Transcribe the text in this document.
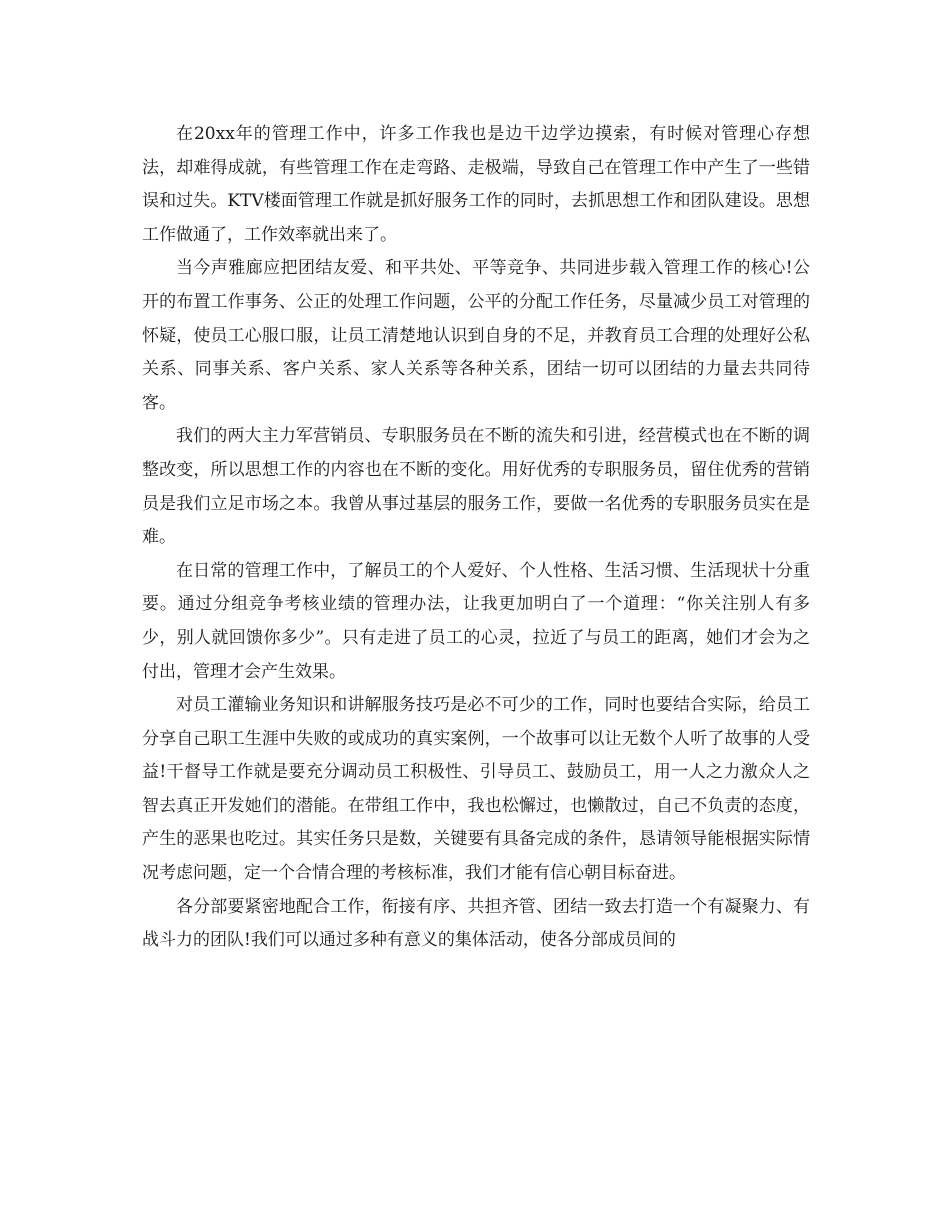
在20xx年的管理工作中，许多工作我也是边干边学边摸索，有时候对管理心存想法，却难得成就，有些管理工作在走弯路、走极端，导致自己在管理工作中产生了一些错误和过失。KTV楼面管理工作就是抓好服务工作的同时，去抓思想工作和团队建设。思想工作做通了，工作效率就出来了。

当今声雅廊应把团结友爱、和平共处、平等竞争、共同进步载入管理工作的核心!公开的布置工作事务、公正的处理工作问题，公平的分配工作任务，尽量减少员工对管理的怀疑，使员工心服口服，让员工清楚地认识到自身的不足，并教育员工合理的处理好公私关系、同事关系、客户关系、家人关系等各种关系，团结一切可以团结的力量去共同待客。

我们的两大主力军营销员、专职服务员在不断的流失和引进，经营模式也在不断的调整改变，所以思想工作的内容也在不断的变化。用好优秀的专职服务员，留住优秀的营销员是我们立足市场之本。我曾从事过基层的服务工作，要做一名优秀的专职服务员实在是难。

在日常的管理工作中，了解员工的个人爱好、个人性格、生活习惯、生活现状十分重要。通过分组竞争考核业绩的管理办法，让我更加明白了一个道理：“你关注别人有多少，别人就回馈你多少”。只有走进了员工的心灵，拉近了与员工的距离，她们才会为之付出，管理才会产生效果。

对员工灌输业务知识和讲解服务技巧是必不可少的工作，同时也要结合实际，给员工分享自己职工生涯中失败的或成功的真实案例，一个故事可以让无数个人听了故事的人受益!干督导工作就是要充分调动员工积极性、引导员工、鼓励员工，用一人之力激众人之智去真正开发她们的潜能。在带组工作中，我也松懈过，也懒散过，自己不负责的态度，产生的恶果也吃过。其实任务只是数，关键要有具备完成的条件，恳请领导能根据实际情况考虑问题，定一个合情合理的考核标准，我们才能有信心朝目标奋进。

各分部要紧密地配合工作，衔接有序、共担齐管、团结一致去打造一个有凝聚力、有战斗力的团队!我们可以通过多种有意义的集体活动，使各分部成员间的
